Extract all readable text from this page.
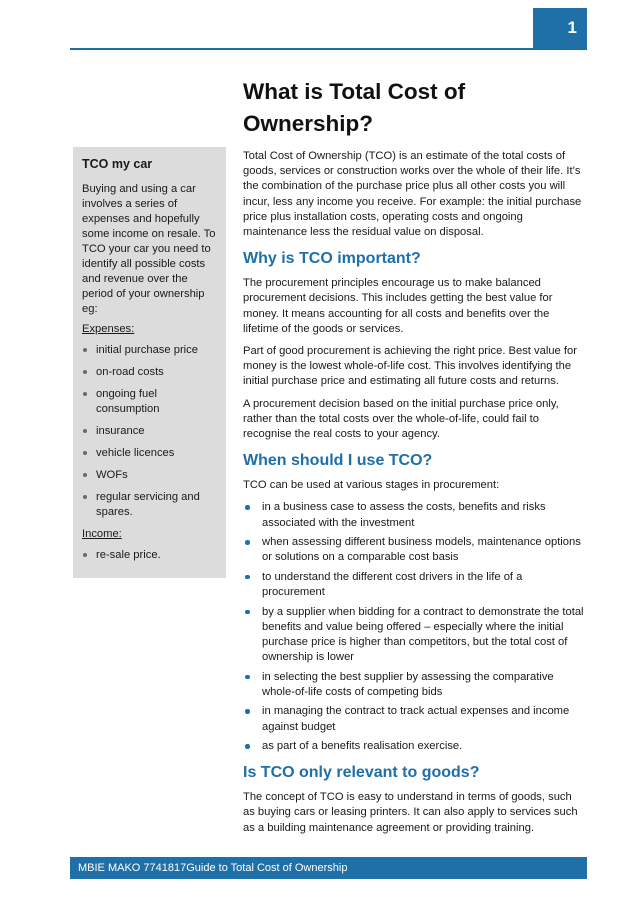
1
TCO my car

Buying and using a car involves a series of expenses and hopefully some income on resale. To TCO your car you need to identify all possible costs and revenue over the period of your ownership eg:

Expenses:

initial purchase price
on-road costs
ongoing fuel consumption
insurance
vehicle licences
WOFs
regular servicing and spares.

Income:

re-sale price.
What is Total Cost of Ownership?

Total Cost of Ownership (TCO) is an estimate of the total costs of goods, services or construction works over the whole of their life. It’s the combination of the purchase price plus all other costs you will incur, less any income you receive. For example: the initial purchase price plus installation costs, operating costs and ongoing maintenance less the residual value on disposal.

Why is TCO important?

The procurement principles encourage us to make balanced procurement decisions. This includes getting the best value for money. It means accounting for all costs and benefits over the lifetime of the goods or services.

Part of good procurement is achieving the right price. Best value for money is the lowest whole-of-life cost. This involves identifying the initial purchase price and estimating all future costs and returns.

A procurement decision based on the initial purchase price only, rather than the total costs over the whole-of-life, could fail to recognise the real costs to your agency.

When should I use TCO?

TCO can be used at various stages in procurement:

in a business case to assess the costs, benefits and risks associated with the investment
when assessing different business models, maintenance options or solutions on a comparable cost basis
to understand the different cost drivers in the life of a procurement
by a supplier when bidding for a contract to demonstrate the total benefits and value being offered – especially where the initial purchase price is higher than competitors, but the total cost of ownership is lower
in selecting the best supplier by assessing the comparative whole-of-life costs of competing bids
in managing the contract to track actual expenses and income against budget
as part of a benefits realisation exercise.
Is TCO only relevant to goods?

The concept of TCO is easy to understand in terms of goods, such as buying cars or leasing printers. It can also apply to services such as a building maintenance agreement or providing training.

MBIE MAKO 7741817Guide to Total Cost of Ownership
